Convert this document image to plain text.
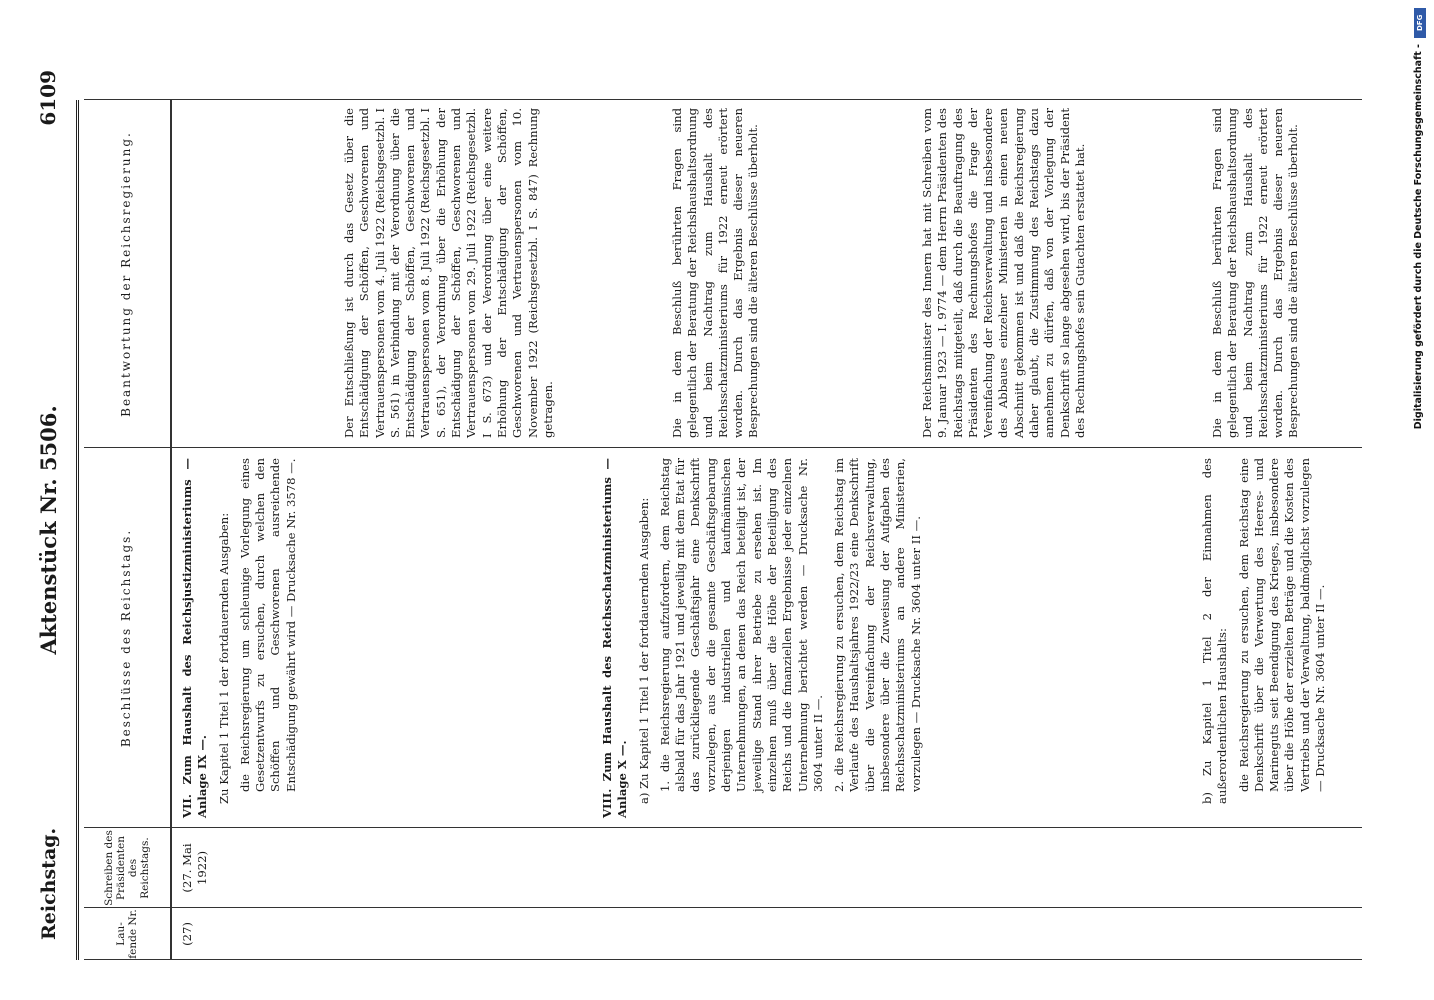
Reichstag.
Aktenstück Nr. 5506.
6109
Lau- fende Nr.
Schreiben des Präsidenten des Reichstags.
Beschlüsse des Reichstags.
Beantwortung der Reichsregierung.
(27)
(27. Mai 1922)

VII. Zum Haushalt des Reichsjustizministeriums — Anlage IX —. Zu Kapitel 1 Titel 1 der fortdauernden Ausgaben: die Reichsregierung um schleunige Vorlegung eines Gesetzentwurfs zu ersuchen, durch welchen den Schöffen und Geschworenen ausreichende Entschädigung gewährt wird — Drucksache Nr. 3578 —.

Der Entschließung ist durch das Gesetz über die Entschädigung der Schöffen, Geschworenen und Vertrauenspersonen vom 4. Juli 1922 (Reichsgesetzbl. I S. 561) in Verbindung mit der Verordnung über die Entschädigung der Schöffen, Geschworenen und Vertrauenspersonen vom 8. Juli 1922 (Reichsgesetzbl. I S. 651), der Verordnung über die Erhöhung der Entschädigung der Schöffen, Geschworenen und Vertrauenspersonen vom 29. Juli 1922 (Reichsgesetzbl. I S. 673) und der Verordnung über eine weitere Erhöhung der Entschädigung der Schöffen, Geschworenen und Vertrauenspersonen vom 10. November 1922 (Reichsgesetzbl. I S. 847) Rechnung getragen.

VIII. Zum Haushalt des Reichsschatzministeriums — Anlage X —. a) Zu Kapitel 1 Titel 1 der fortdauernden Ausgaben: 1. die Reichsregierung aufzufordern, dem Reichstag alsbald für das Jahr 1921 und jeweilig mit dem Etat für das zurückliegende Geschäftsjahr eine Denkschrift vorzulegen, aus der die gesamte Geschäftsgebarung derjenigen industriellen und kaufmännischen Unternehmungen, an denen das Reich beteiligt ist, der jeweilige Stand ihrer Betriebe zu ersehen ist. Im einzelnen muß über die Höhe der Beteiligung des Reichs und die finanziellen Ergebnisse jeder einzelnen Unternehmung berichtet werden — Drucksache Nr. 3604 unter II —. 2. die Reichsregierung zu ersuchen, dem Reichstag im Verlaufe des Haushaltsjahres 1922/23 eine Denkschrift über die Vereinfachung der Reichsverwaltung, insbesondere über die Zuweisung der Aufgaben des Reichsschatzministeriums an andere Ministerien, vorzulegen — Drucksache Nr. 3604 unter II —.

Die in dem Beschluß berührten Fragen sind gelegentlich der Beratung der Reichshaushaltsordnung und beim Nachtrag zum Haushalt des Reichsschatzministeriums für 1922 erneut erörtert worden. Durch das Ergebnis dieser neueren Besprechungen sind die älteren Beschlüsse überholt.	Der Reichsminister des Innern hat mit Schreiben vom 9. Januar 1923 — I. 9774 — dem Herrn Präsidenten des Reichstags mitgeteilt, daß durch die Beauftragung des Präsidenten des Rechnungshofes die Frage der Vereinfachung der Reichsverwaltung und insbesondere des Abbaues einzelner Ministerien in einen neuen Abschnitt gekommen ist und daß die Reichsregierung daher glaubt, die Zustimmung des Reichstags dazu annehmen zu dürfen, daß von der Vorlegung der Denkschrift so lange abgesehen wird, bis der Präsident des Rechnungshofes sein Gutachten erstattet hat.

b) Zu Kapitel 1 Titel 2 der Einnahmen des außerordentlichen Haushalts: die Reichsregierung zu ersuchen, dem Reichstag eine Denkschrift über die Verwertung des Heeres- und Marineguts seit Beendigung des Krieges, insbesondere über die Höhe der erzielten Beträge und die Kosten des Vertriebs und der Verwaltung, baldmöglichst vorzulegen — Drucksache Nr. 3604 unter II —.

Die in dem Beschluß berührten Fragen sind gelegentlich der Beratung der Reichshaushaltsordnung und beim Nachtrag zum Haushalt des Reichsschatzministeriums für 1922 erneut erörtert worden. Durch das Ergebnis dieser neueren Besprechungen sind die älteren Beschlüsse überholt.
DFG
Digitalisierung gefördert durch die Deutsche Forschungsgemeinschaft -
